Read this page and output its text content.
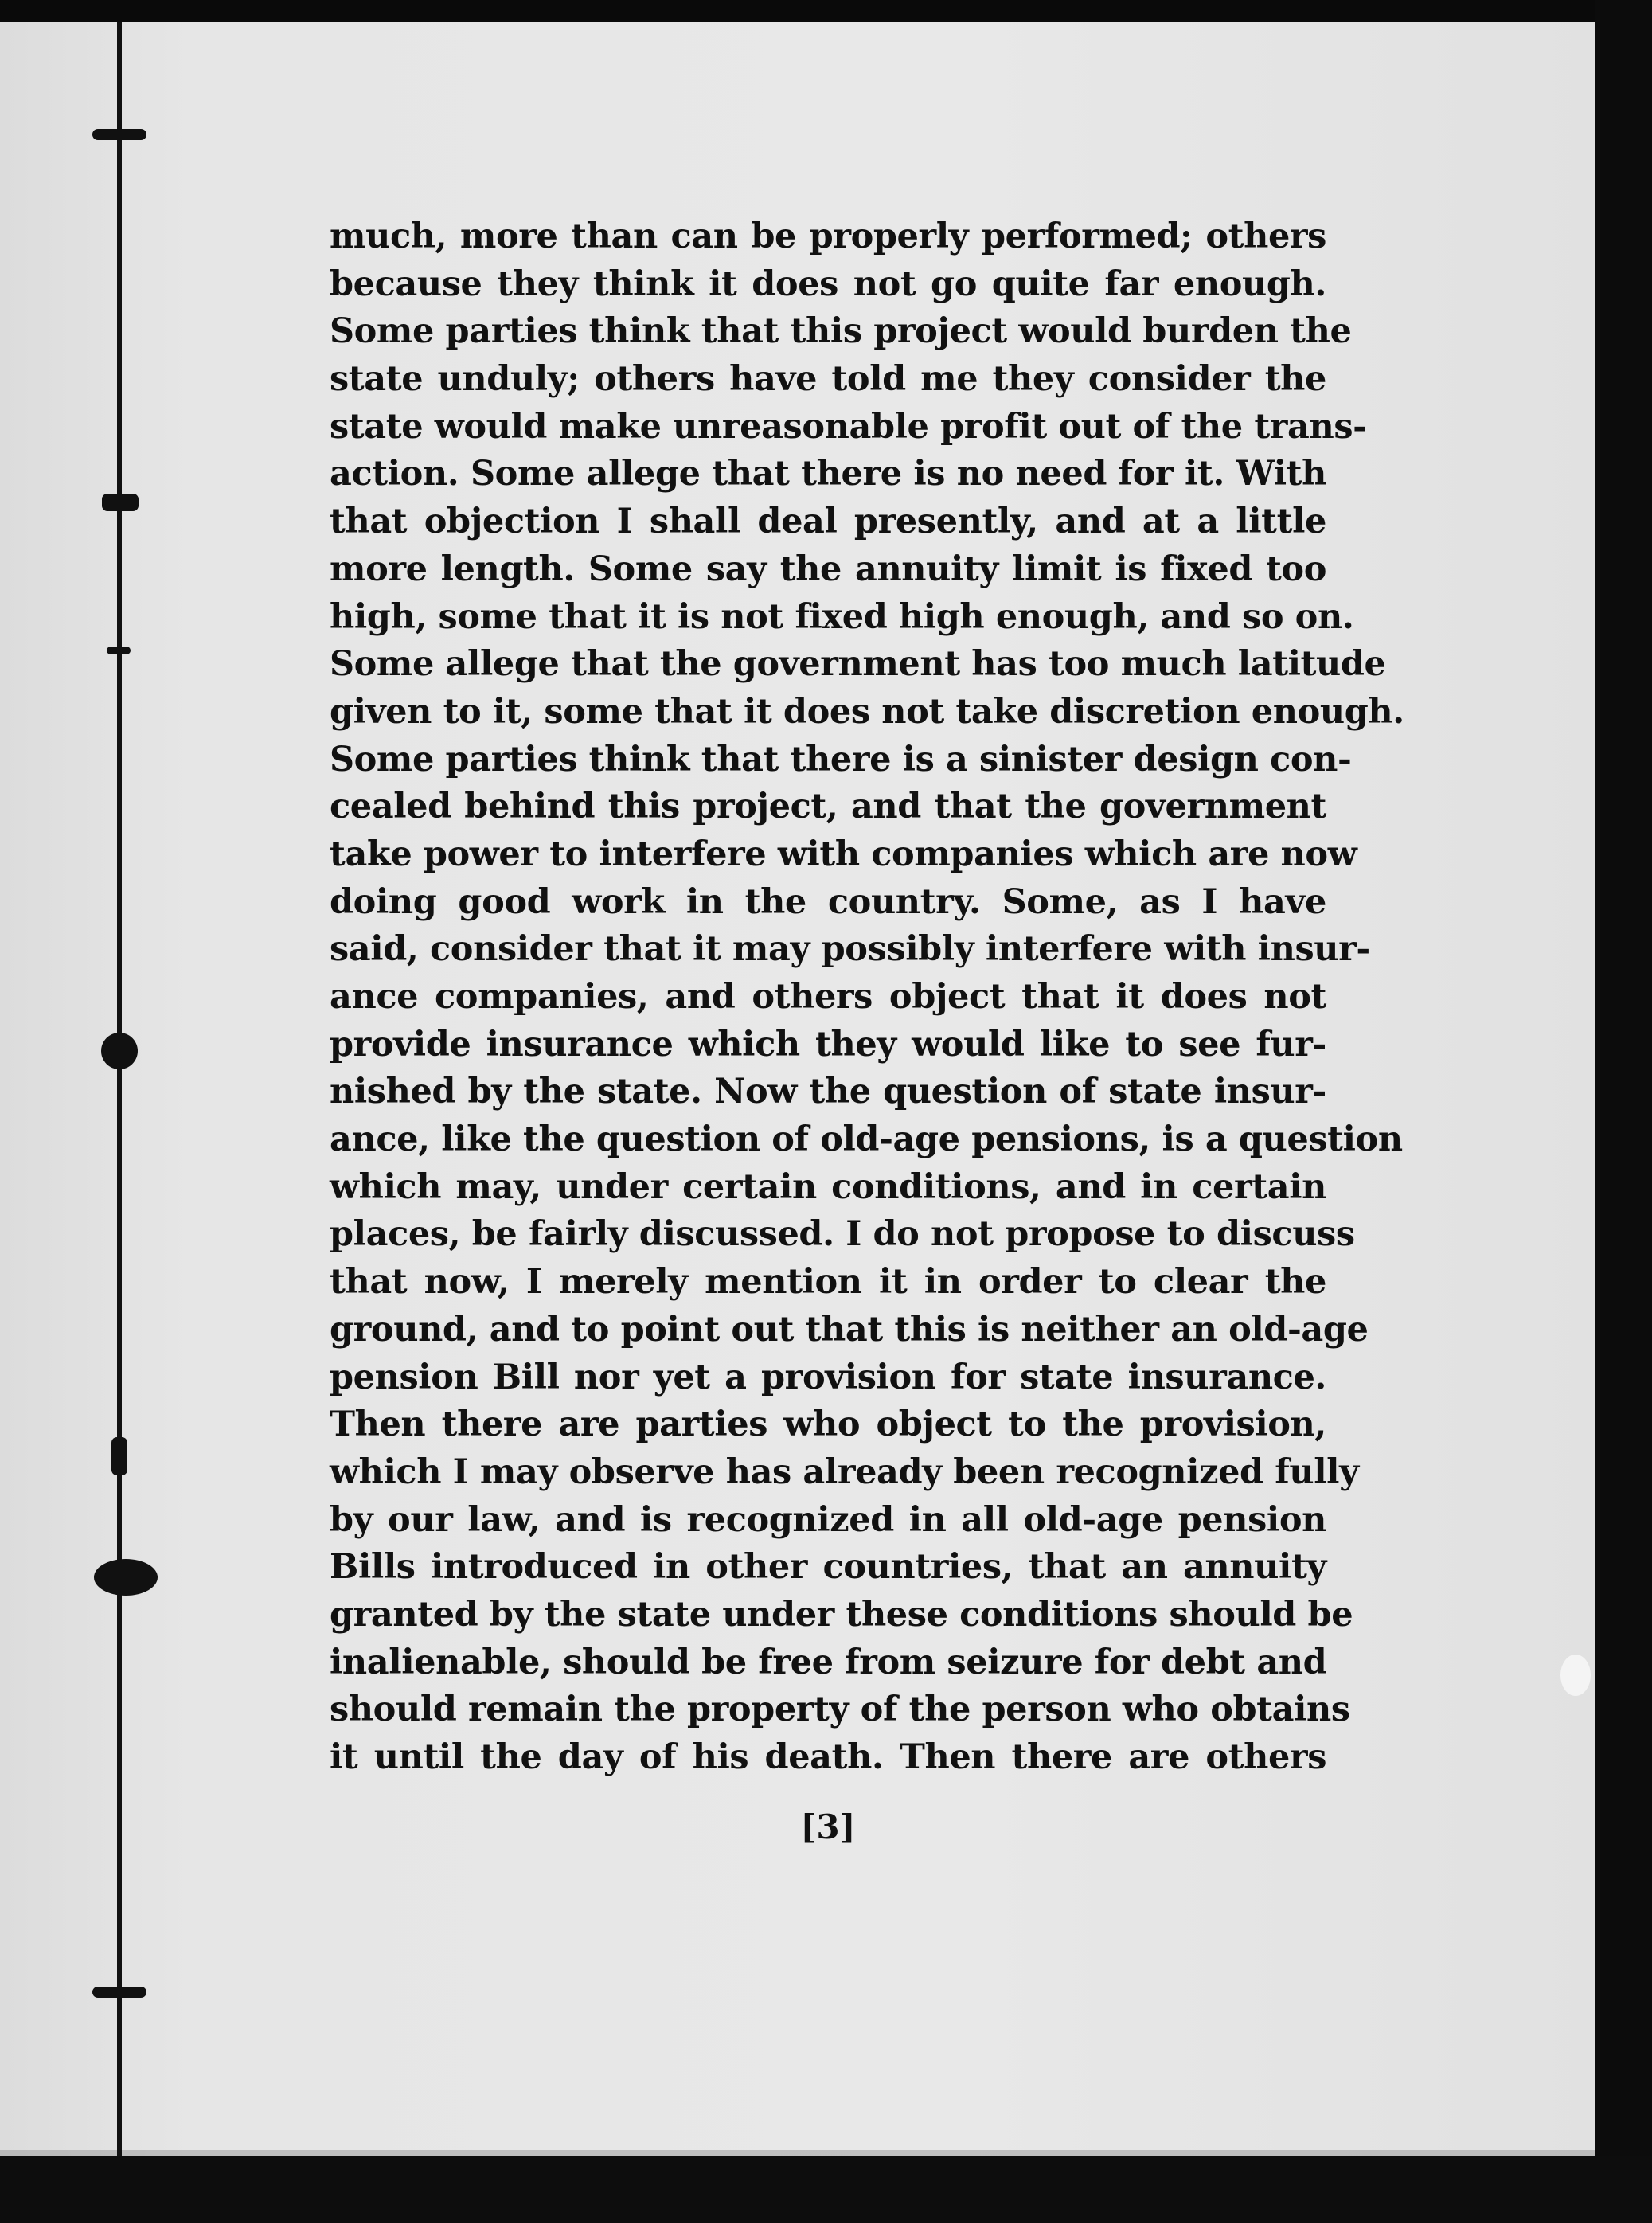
much, more than can be properly performed; others
because they think it does not go quite far enough.
Some parties think that this project would burden the
state unduly; others have told me they consider the
state would make unreasonable profit out of the trans-
action. Some allege that there is no need for it. With
that objection I shall deal presently, and at a little
more length. Some say the annuity limit is fixed too
high, some that it is not fixed high enough, and so on.
Some allege that the government has too much latitude
given to it, some that it does not take discretion enough.
Some parties think that there is a sinister design con-
cealed behind this project, and that the government
take power to interfere with companies which are now
doing good work in the country. Some, as I have
said, consider that it may possibly interfere with insur-
ance companies, and others object that it does not
provide insurance which they would like to see fur-
nished by the state. Now the question of state insur-
ance, like the question of old-age pensions, is a question
which may, under certain conditions, and in certain
places, be fairly discussed. I do not propose to discuss
that now, I merely mention it in order to clear the
ground, and to point out that this is neither an old-age
pension Bill nor yet a provision for state insurance.
Then there are parties who object to the provision,
which I may observe has already been recognized fully
by our law, and is recognized in all old-age pension
Bills introduced in other countries, that an annuity
granted by the state under these conditions should be
inalienable, should be free from seizure for debt and
should remain the property of the person who obtains
it until the day of his death. Then there are others
[3]
